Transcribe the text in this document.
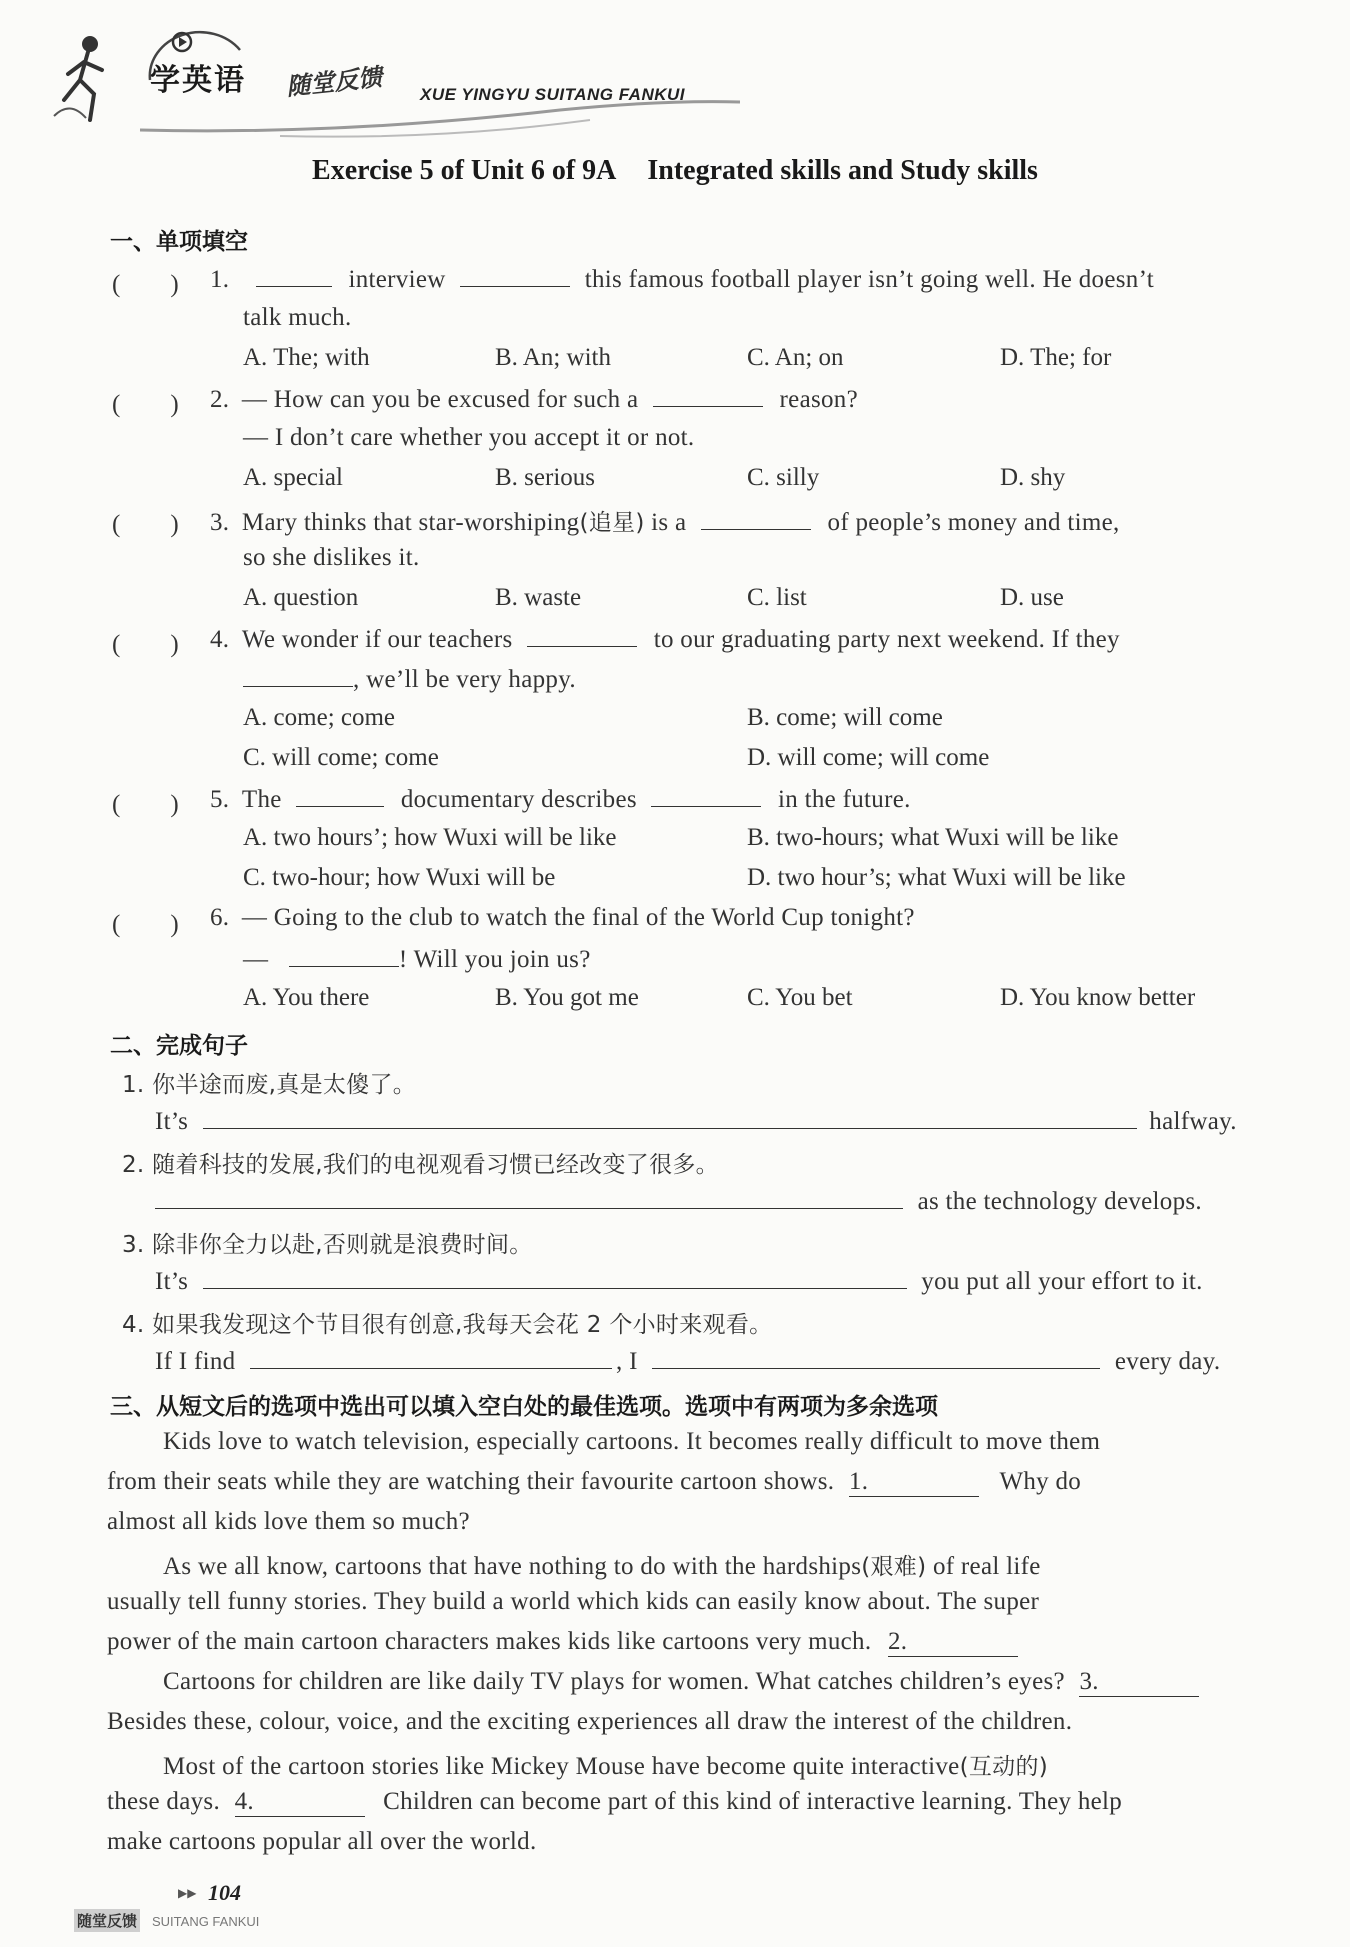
学英语 随堂反馈 XUE YINGYU SUITANG FANKUI
Exercise 5 of Unit 6 of 9A Integrated skills and Study skills
一、单项填空
(　　) 1.	interview	this famous football player isn’t going well. He doesn’t
talk much.
A. The; with	B. An; with	C. An; on	D. The; for
(　　) 2. — How can you be excused for such a	reason?
— I don’t care whether you accept it or not.
A. special	B. serious	C. silly	D. shy
(　　) 3. Mary thinks that star-worshiping(追星) is a	of people’s money and time,
so she dislikes it.
A. question	B. waste	C. list	D. use
(　　) 4. We wonder if our teachers	to our graduating party next weekend. If they
, we’ll be very happy.
A. come; come	B. come; will come
C. will come; come	D. will come; will come
(　　) 5. The	documentary describes	in the future.
A. two hours’; how Wuxi will be like	B. two-hours; what Wuxi will be like
C. two-hour; how Wuxi will be	D. two hour’s; what Wuxi will be like
(　　) 6. — Going to the club to watch the final of the World Cup tonight?
—	! Will you join us?
A. You there	B. You got me	C. You bet	D. You know better
二、完成句子
1. 你半途而废,真是太傻了。
It’s	halfway.
2. 随着科技的发展,我们的电视观看习惯已经改变了很多。
as the technology develops.
3. 除非你全力以赴,否则就是浪费时间。
It’s	you put all your effort to it.
4. 如果我发现这个节目很有创意,我每天会花 2 个小时来观看。
If I find	, I	every day.
三、从短文后的选项中选出可以填入空白处的最佳选项。选项中有两项为多余选项
Kids love to watch television, especially cartoons. It becomes really difficult to move them
from their seats while they are watching their favourite cartoon shows. 1.	Why do
almost all kids love them so much?
As we all know, cartoons that have nothing to do with the hardships(艰难) of real life
usually tell funny stories. They build a world which kids can easily know about. The super
power of the main cartoon characters makes kids like cartoons very much. 2.
Cartoons for children are like daily TV plays for women. What catches children’s eyes? 3.
Besides these, colour, voice, and the exciting experiences all draw the interest of the children.
Most of the cartoon stories like Mickey Mouse have become quite interactive(互动的)
these days. 4.	Children can become part of this kind of interactive learning. They help
make cartoons popular all over the world.
▶▶ 104
随堂反馈 SUITANG FANKUI
